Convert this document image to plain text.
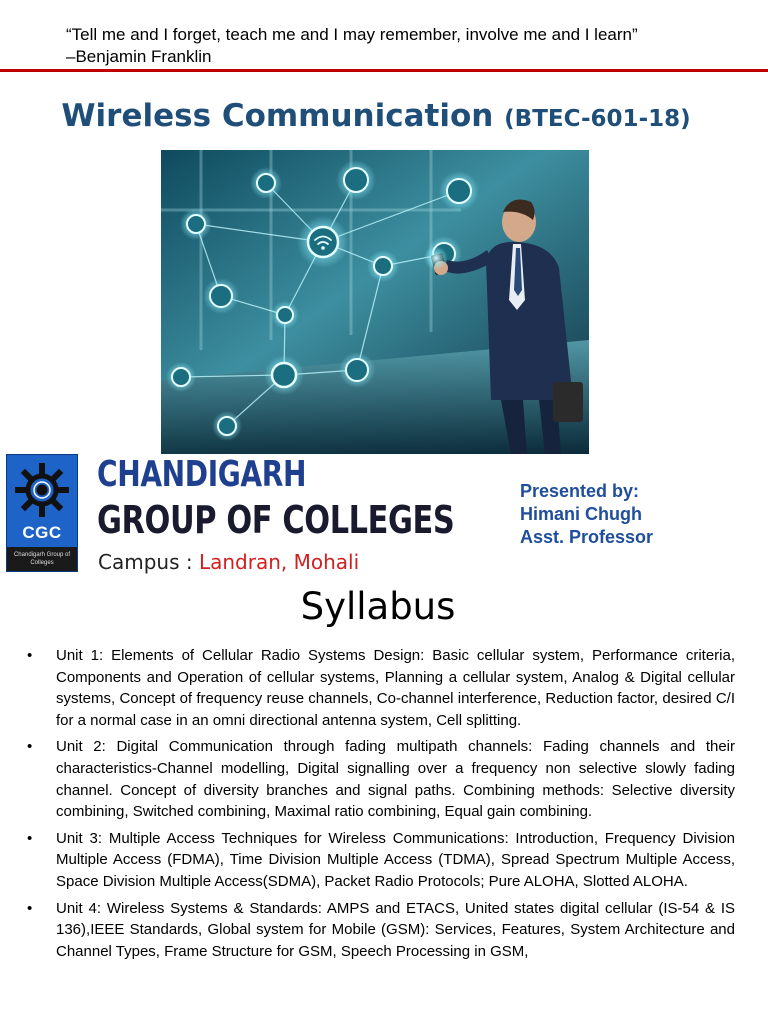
“Tell me and I forget, teach me and I may remember, involve me and I learn”
–Benjamin Franklin
Wireless Communication (BTEC-601-18)
CGC
Chandigarh Group of Colleges
CHANDIGARH
GROUP OF COLLEGES
Campus : Landran, Mohali
Presented by:
Himani Chugh
Asst. Professor
Syllabus
• Unit 1: Elements of Cellular Radio Systems Design: Basic cellular system, Performance criteria, Components and Operation of cellular systems, Planning a cellular system, Analog & Digital cellular systems, Concept of frequency reuse channels, Co-channel interference, Reduction factor, desired C/I for a normal case in an omni directional antenna system, Cell splitting.
• Unit 2: Digital Communication through fading multipath channels: Fading channels and their characteristics-Channel modelling, Digital signalling over a frequency non selective slowly fading channel. Concept of diversity branches and signal paths. Combining methods: Selective diversity combining, Switched combining, Maximal ratio combining, Equal gain combining.
• Unit 3: Multiple Access Techniques for Wireless Communications: Introduction, Frequency Division Multiple Access (FDMA), Time Division Multiple Access (TDMA), Spread Spectrum Multiple Access, Space Division Multiple Access(SDMA), Packet Radio Protocols; Pure ALOHA, Slotted ALOHA.
• Unit 4: Wireless Systems & Standards: AMPS and ETACS, United states digital cellular (IS-54 & IS 136),IEEE Standards, Global system for Mobile (GSM): Services, Features, System Architecture and Channel Types, Frame Structure for GSM, Speech Processing in GSM,
